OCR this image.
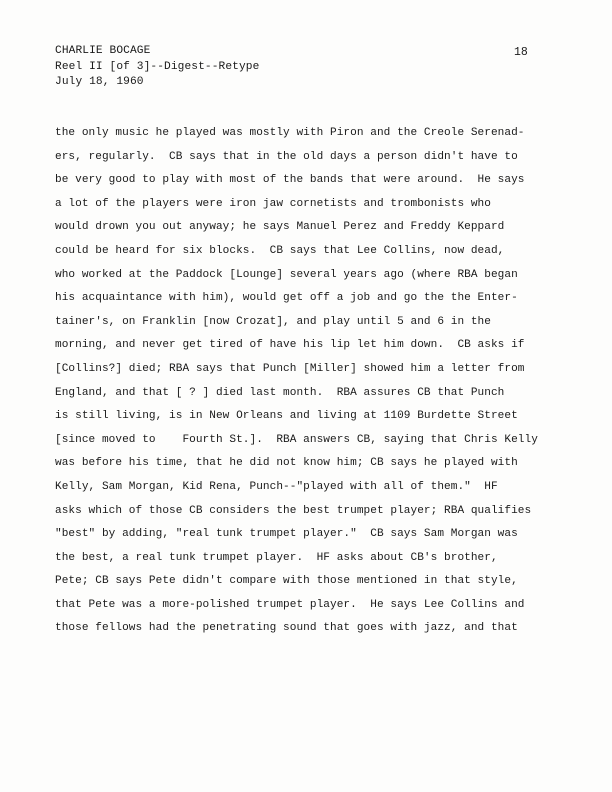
CHARLIE BOCAGE
Reel II [of 3]--Digest--Retype
July 18, 1960
18
the only music he played was mostly with Piron and the Creole Serenad-
ers, regularly.  CB says that in the old days a person didn't have to
be very good to play with most of the bands that were around.  He says
a lot of the players were iron jaw cornetists and trombonists who
would drown you out anyway; he says Manuel Perez and Freddy Keppard
could be heard for six blocks.  CB says that Lee Collins, now dead,
who worked at the Paddock [Lounge] several years ago (where RBA began
his acquaintance with him), would get off a job and go the the Enter-
tainer's, on Franklin [now Crozat], and play until 5 and 6 in the
morning, and never get tired of have his lip let him down.  CB asks if
[Collins?] died; RBA says that Punch [Miller] showed him a letter from
England, and that [ ? ] died last month.  RBA assures CB that Punch
is still living, is in New Orleans and living at 1109 Burdette Street
[since moved to    Fourth St.].  RBA answers CB, saying that Chris Kelly
was before his time, that he did not know him; CB says he played with
Kelly, Sam Morgan, Kid Rena, Punch--"played with all of them."  HF
asks which of those CB considers the best trumpet player; RBA qualifies
"best" by adding, "real tunk trumpet player."  CB says Sam Morgan was
the best, a real tunk trumpet player.  HF asks about CB's brother,
Pete; CB says Pete didn't compare with those mentioned in that style,
that Pete was a more-polished trumpet player.  He says Lee Collins and
those fellows had the penetrating sound that goes with jazz, and that
